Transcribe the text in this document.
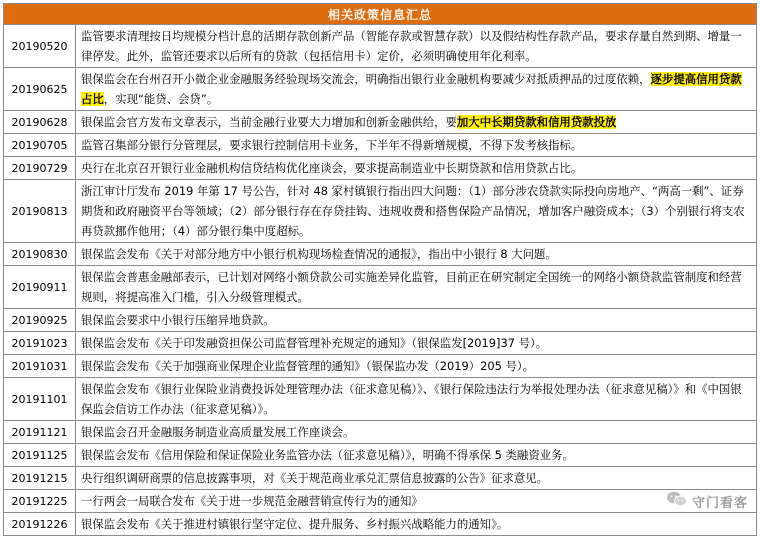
相关政策信息汇总	
20190520	监管要求清理按日均规模分档计息的活期存款创新产品（智能存款或智慧存款）以及假结构性存款产品，要求存量自然到期、增量一律停发。此外，监管还要求以后所有的贷款（包括信用卡）定价，必须明确使用年化利率。
20190625	银保监会在台州召开小微企业金融服务经验现场交流会，明确指出银行业金融机构要减少对抵质押品的过度依赖，逐步提高信用贷款占比，实现“能贷、会贷”。
20190628	银保监会官方发布文章表示，当前金融行业要大力增加和创新金融供给，要加大中长期贷款和信用贷款投放
20190705	监管召集部分银行分管理层，要求银行控制信用卡业务，下半年不得新增规模，不得下发考核指标。
20190729	央行在北京召开银行业金融机构信贷结构优化座谈会，要求提高制造业中长期贷款和信用贷款占比。
20190813	浙江审计厅发布 2019 年第 17 号公告，针对 48 家村镇银行指出四大问题：（1）部分涉农贷款实际投向房地产、“两高一剩”、证券期货和政府融资平台等领域；（2）部分银行存在存贷挂钩、违规收费和搭售保险产品情况，增加客户融资成本；（3）个别银行将支农再贷款挪作他用；（4）部分银行集中度超标。
20190830	银保监会发布《关于对部分地方中小银行机构现场检查情况的通报》，指出中小银行 8 大问题。
20190911	银保监会普惠金融部表示，已计划对网络小额贷款公司实施差异化监管，目前正在研究制定全国统一的网络小额贷款监管制度和经营规则，将提高准入门槛，引入分级管理模式。
20190925	银保监会要求中小银行压缩异地贷款。
20191023	银保监会发布《关于印发融资担保公司监督管理补充规定的通知》（银保监发[2019]37 号）。
20191031	银保监会发布《关于加强商业保理企业监督管理的通知》（银保监办发（2019）205 号）。
20191101	银保监会发布《银行业保险业消费投诉处理管理办法（征求意见稿）》、《银行保险违法行为举报处理办法（征求意见稿）》和《中国银保监会信访工作办法（征求意见稿）》。
20191121	银保监会召开金融服务制造业高质量发展工作座谈会。
20191125	银保监会发布《信用保险和保证保险业务监管办法（征求意见稿）》，明确不得承保 5 类融资业务。
20191215	央行组织调研商票的信息披露事项，对《关于规范商业承兑汇票信息披露的公告》征求意见。
20191225	一行两会一局联合发布《关于进一步规范金融营销宣传行为的通知》
20191226	银保监会发布《关于推进村镇银行坚守定位、提升服务、乡村振兴战略能力的通知》。
守门看客
